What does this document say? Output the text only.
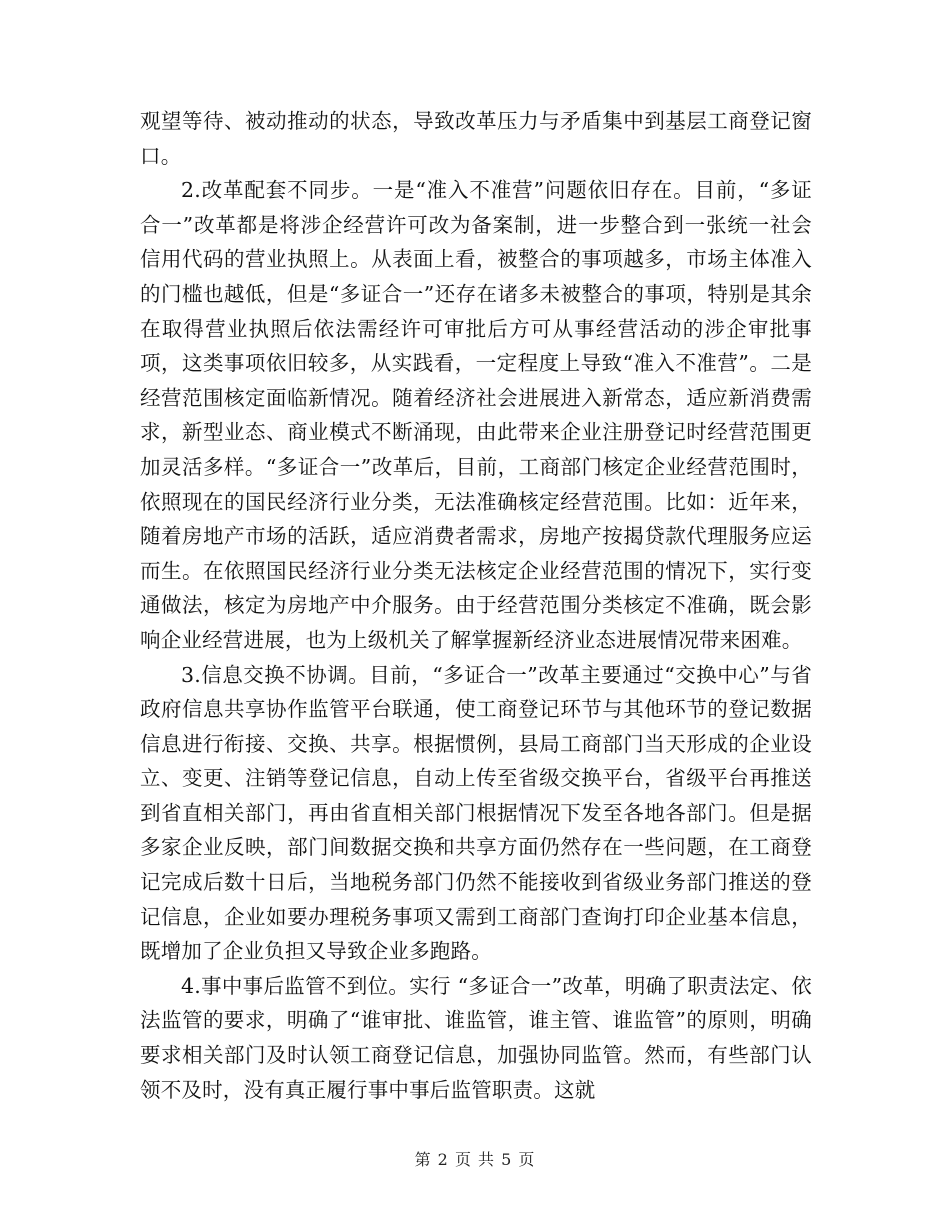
观望等待、被动推动的状态，导致改革压力与矛盾集中到基层工商登记窗口。

2.改革配套不同步。一是“准入不准营”问题依旧存在。目前，“多证合一”改革都是将涉企经营许可改为备案制，进一步整合到一张统一社会信用代码的营业执照上。从表面上看，被整合的事项越多，市场主体准入的门槛也越低，但是“多证合一”还存在诸多未被整合的事项，特别是其余在取得营业执照后依法需经许可审批后方可从事经营活动的涉企审批事项，这类事项依旧较多，从实践看，一定程度上导致“准入不准营”。二是经营范围核定面临新情况。随着经济社会进展进入新常态，适应新消费需求，新型业态、商业模式不断涌现，由此带来企业注册登记时经营范围更加灵活多样。“多证合一”改革后，目前，工商部门核定企业经营范围时，依照现在的国民经济行业分类，无法准确核定经营范围。比如：近年来，随着房地产市场的活跃，适应消费者需求，房地产按揭贷款代理服务应运而生。在依照国民经济行业分类无法核定企业经营范围的情况下，实行变通做法，核定为房地产中介服务。由于经营范围分类核定不准确，既会影响企业经营进展，也为上级机关了解掌握新经济业态进展情况带来困难。

3.信息交换不协调。目前，“多证合一”改革主要通过“交换中心”与省政府信息共享协作监管平台联通，使工商登记环节与其他环节的登记数据信息进行衔接、交换、共享。根据惯例，县局工商部门当天形成的企业设立、变更、注销等登记信息，自动上传至省级交换平台，省级平台再推送到省直相关部门，再由省直相关部门根据情况下发至各地各部门。但是据多家企业反映，部门间数据交换和共享方面仍然存在一些问题，在工商登记完成后数十日后，当地税务部门仍然不能接收到省级业务部门推送的登记信息，企业如要办理税务事项又需到工商部门查询打印企业基本信息，既增加了企业负担又导致企业多跑路。

4.事中事后监管不到位。实行 “多证合一”改革，明确了职责法定、依法监管的要求，明确了“谁审批、谁监管，谁主管、谁监管”的原则，明确要求相关部门及时认领工商登记信息，加强协同监管。然而，有些部门认领不及时，没有真正履行事中事后监管职责。这就

第 2 页 共 5 页
